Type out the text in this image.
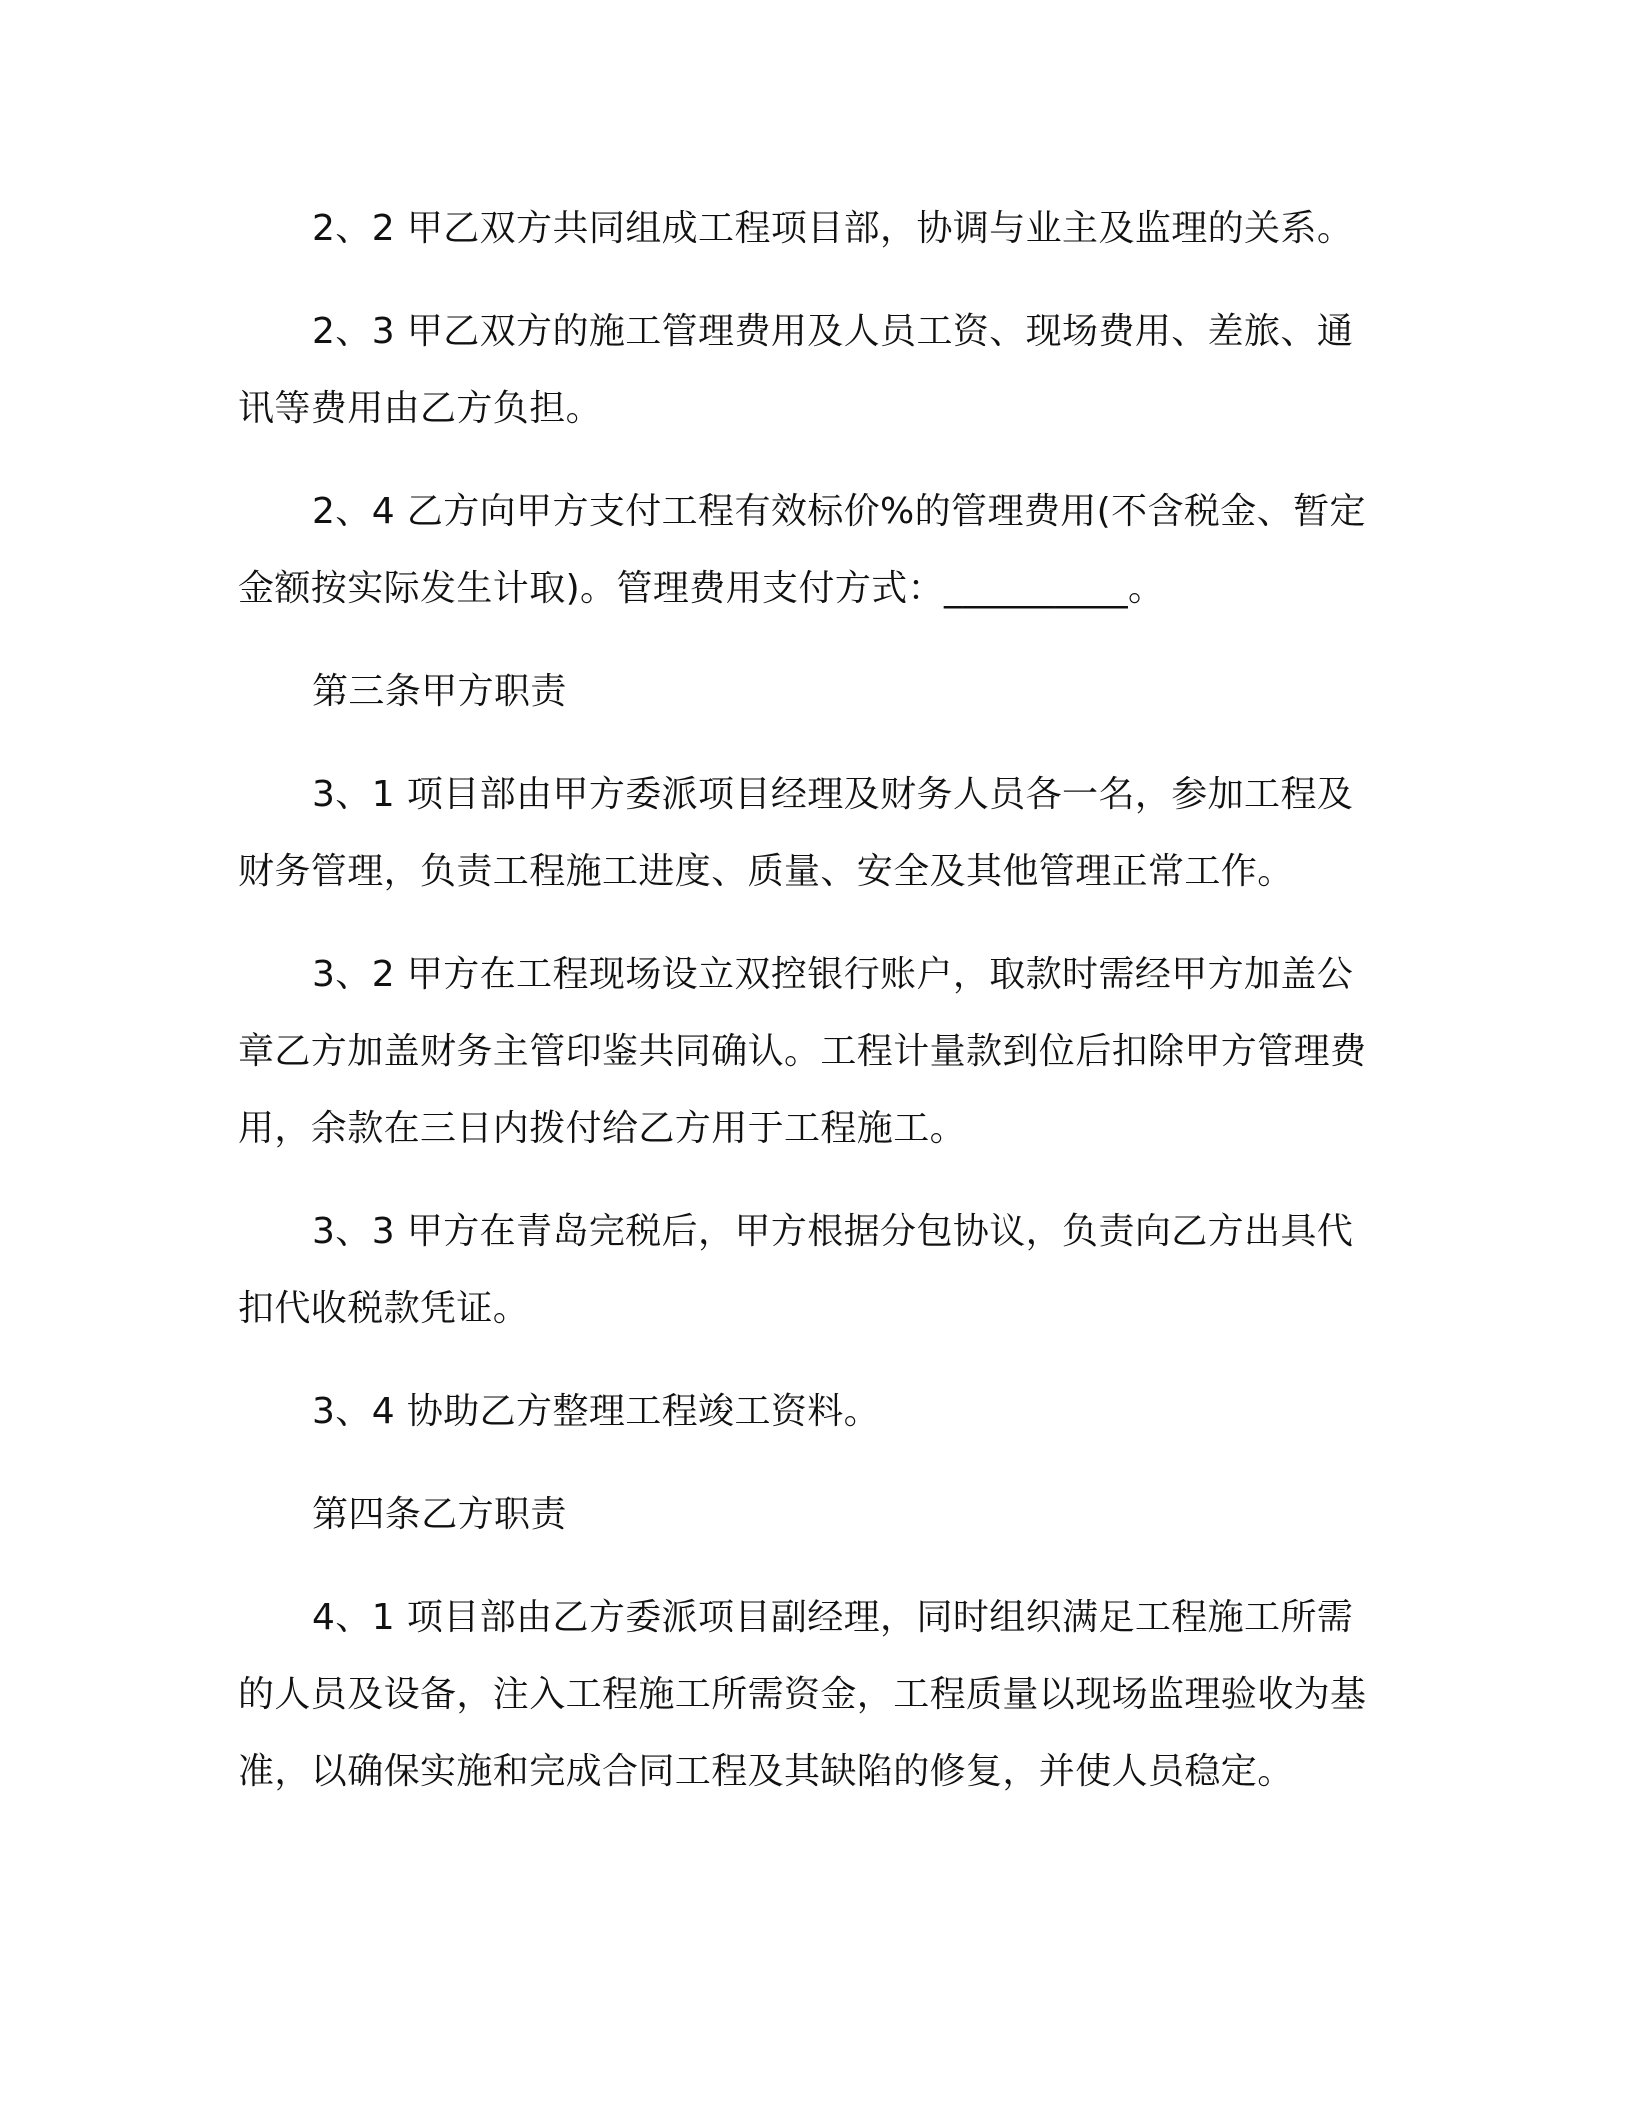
2、2 甲乙双方共同组成工程项目部，协调与业主及监理的关系。

2、3 甲乙双方的施工管理费用及人员工资、现场费用、差旅、通讯等费用由乙方负担。

2、4 乙方向甲方支付工程有效标价%的管理费用(不含税金、暂定金额按实际发生计取)。管理费用支付方式：__________。

第三条甲方职责

3、1 项目部由甲方委派项目经理及财务人员各一名，参加工程及财务管理，负责工程施工进度、质量、安全及其他管理正常工作。

3、2 甲方在工程现场设立双控银行账户，取款时需经甲方加盖公章乙方加盖财务主管印鉴共同确认。工程计量款到位后扣除甲方管理费用，余款在三日内拨付给乙方用于工程施工。

3、3 甲方在青岛完税后，甲方根据分包协议，负责向乙方出具代扣代收税款凭证。

3、4 协助乙方整理工程竣工资料。

第四条乙方职责

4、1 项目部由乙方委派项目副经理，同时组织满足工程施工所需的人员及设备，注入工程施工所需资金，工程质量以现场监理验收为基准，以确保实施和完成合同工程及其缺陷的修复，并使人员稳定。
